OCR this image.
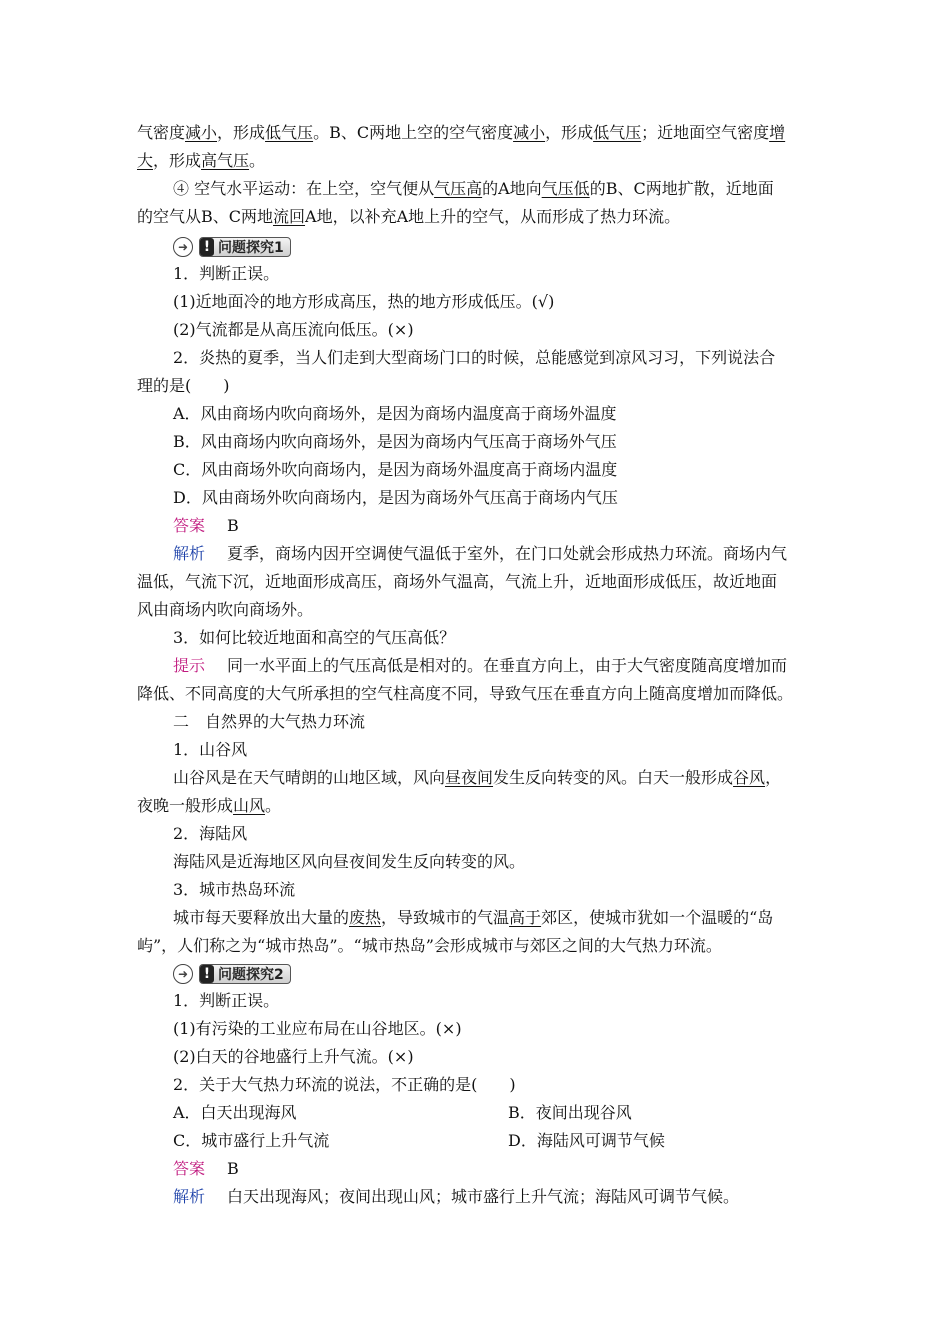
气密度减小，形成低气压。B、C两地上空的空气密度减小，形成低气压；近地面空气密度增
大，形成高气压。
④ 空气水平运动：在上空，空气便从气压高的A地向气压低的B、C两地扩散，近地面
的空气从B、C两地流回A地，以补充A地上升的空气，从而形成了热力环流。
➜	! 问题探究1
1．判断正误。
(1)近地面冷的地方形成高压，热的地方形成低压。(√)
(2)气流都是从高压流向低压。(×)
2．炎热的夏季，当人们走到大型商场门口的时候，总能感觉到凉风习习，下列说法合
理的是(　　)
A．风由商场内吹向商场外，是因为商场内温度高于商场外温度
B．风由商场内吹向商场外，是因为商场内气压高于商场外气压
C．风由商场外吹向商场内，是因为商场外温度高于商场内温度
D．风由商场外吹向商场内，是因为商场外气压高于商场内气压
答案 B
解析 夏季，商场内因开空调使气温低于室外，在门口处就会形成热力环流。商场内气
温低，气流下沉，近地面形成高压，商场外气温高，气流上升，近地面形成低压，故近地面
风由商场内吹向商场外。
3．如何比较近地面和高空的气压高低？
提示 同一水平面上的气压高低是相对的。在垂直方向上，由于大气密度随高度增加而
降低、不同高度的大气所承担的空气柱高度不同，导致气压在垂直方向上随高度增加而降低。
二　自然界的大气热力环流
1．山谷风
山谷风是在天气晴朗的山地区域，风向昼夜间发生反向转变的风。白天一般形成谷风，
夜晚一般形成山风。
2．海陆风
海陆风是近海地区风向昼夜间发生反向转变的风。
3．城市热岛环流
城市每天要释放出大量的废热，导致城市的气温高于郊区，使城市犹如一个温暖的“岛
屿”，人们称之为“城市热岛”。“城市热岛”会形成城市与郊区之间的大气热力环流。
➜	! 问题探究2
1．判断正误。
(1)有污染的工业应布局在山谷地区。(×)
(2)白天的谷地盛行上升气流。(×)
2．关于大气热力环流的说法，不正确的是(　　)
A．白天出现海风	B．夜间出现谷风
C．城市盛行上升气流	D．海陆风可调节气候
答案 B
解析 白天出现海风；夜间出现山风；城市盛行上升气流；海陆风可调节气候。
